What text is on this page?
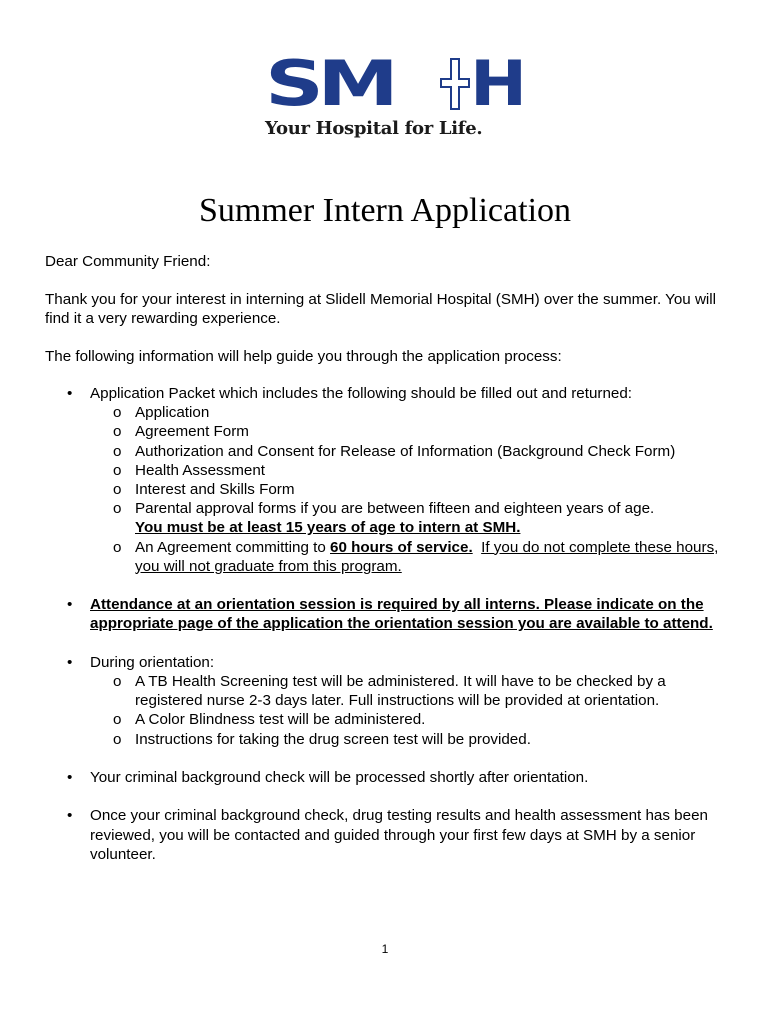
SM H
Your Hospital for Life.
Summer Intern Application
Dear Community Friend:
Thank you for your interest in interning at Slidell Memorial Hospital (SMH) over the summer. You will find it a very rewarding experience.
The following information will help guide you through the application process:
• Application Packet which includes the following should be filled out and returned:
o Application
o Agreement Form
o Authorization and Consent for Release of Information (Background Check Form)
o Health Assessment
o Interest and Skills Form
o Parental approval forms if you are between fifteen and eighteen years of age.
You must be at least 15 years of age to intern at SMH.
o An Agreement committing to 60 hours of service. If you do not complete these hours, you will not graduate from this program.
• Attendance at an orientation session is required by all interns. Please indicate on the appropriate page of the application the orientation session you are available to attend.
• During orientation:
o A TB Health Screening test will be administered. It will have to be checked by a registered nurse 2-3 days later. Full instructions will be provided at orientation.
o A Color Blindness test will be administered.
o Instructions for taking the drug screen test will be provided.
• Your criminal background check will be processed shortly after orientation.
• Once your criminal background check, drug testing results and health assessment has been reviewed, you will be contacted and guided through your first few days at SMH by a senior volunteer.
1
